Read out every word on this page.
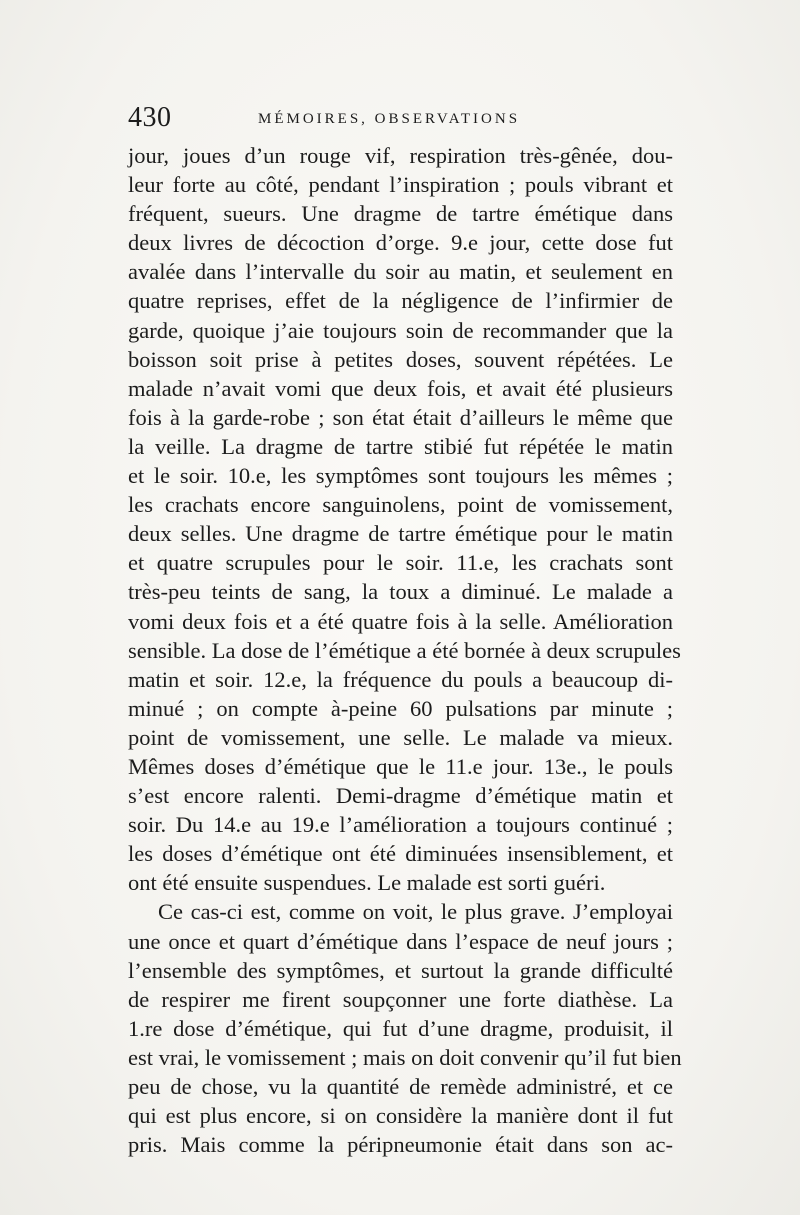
430	MÉMOIRES, OBSERVATIONS
jour, joues d’un rouge vif, respiration très-gênée, dou-
leur forte au côté, pendant l’inspiration ; pouls vibrant et
fréquent, sueurs. Une dragme de tartre émétique dans
deux livres de décoction d’orge. 9.e jour, cette dose fut
avalée dans l’intervalle du soir au matin, et seulement en
quatre reprises, effet de la négligence de l’infirmier de
garde, quoique j’aie toujours soin de recommander que la
boisson soit prise à petites doses, souvent répétées. Le
malade n’avait vomi que deux fois, et avait été plusieurs
fois à la garde-robe ; son état était d’ailleurs le même que
la veille. La dragme de tartre stibié fut répétée le matin
et le soir. 10.e, les symptômes sont toujours les mêmes ;
les crachats encore sanguinolens, point de vomissement,
deux selles. Une dragme de tartre émétique pour le matin
et quatre scrupules pour le soir. 11.e, les crachats sont
très-peu teints de sang, la toux a diminué. Le malade a
vomi deux fois et a été quatre fois à la selle. Amélioration
sensible. La dose de l’émétique a été bornée à deux scrupules
matin et soir. 12.e, la fréquence du pouls a beaucoup di-
minué ; on compte à-peine 60 pulsations par minute ;
point de vomissement, une selle. Le malade va mieux.
Mêmes doses d’émétique que le 11.e jour. 13e., le pouls
s’est encore ralenti. Demi-dragme d’émétique matin et
soir. Du 14.e au 19.e l’amélioration a toujours continué ;
les doses d’émétique ont été diminuées insensiblement, et
ont été ensuite suspendues. Le malade est sorti guéri.
Ce cas-ci est, comme on voit, le plus grave. J’employai
une once et quart d’émétique dans l’espace de neuf jours ;
l’ensemble des symptômes, et surtout la grande difficulté
de respirer me firent soupçonner une forte diathèse. La
1.re dose d’émétique, qui fut d’une dragme, produisit, il
est vrai, le vomissement ; mais on doit convenir qu’il fut bien
peu de chose, vu la quantité de remède administré, et ce
qui est plus encore, si on considère la manière dont il fut
pris. Mais comme la péripneumonie était dans son ac-
